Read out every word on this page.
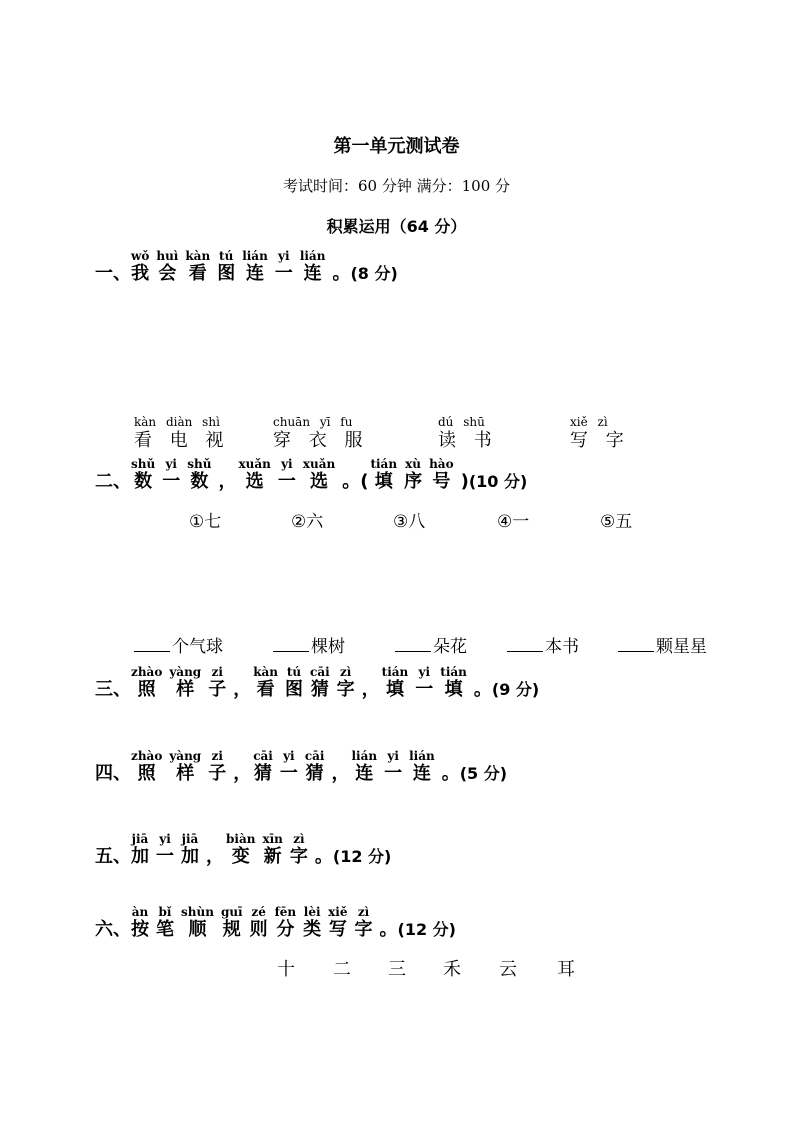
第一单元测试卷
考试时间：60 分钟 满分：100 分
积累运用（64 分）
一、
wǒ
我
huì
会
kàn
看
tú
图
lián
连
yi
一
lián
连 。 (8 分)
kàn diàn shì
看 电 视
chuān yī fu
穿 衣 服
dú shū
读 书
xiě zì
写 字
二、
shǔ
数
yi
一
shǔ
数
，
xuǎn
选
yi
一
xuǎn
选
。(
tián
填
xù
序
hào
号 ) (10 分)
①七	②六	③八	④一	⑤五
个气球	棵树	朵花	本书	颗星星
三、
zhào
照
yàng
样
zi
子
，
kàn
看
tú
图
cāi
猜
zì
字
，
tián
填
yi
一
tián
填 。 (9 分)
四、
zhào
照
yàng
样
zi
子
，
cāi
猜
yi
一
cāi
猜
，
lián
连
yi
一
lián
连 。 (5 分)
五、
jiā
加
yi
一
jiā
加
，
biàn
变
xīn
新
zì
字 。 (12 分)
六、
àn
按
bǐ
笔
shùn
顺
guī
规
zé
则
fēn
分
lèi
类
xiě
写
zì
字 。 (12 分)
十 二 三 禾 云 耳
